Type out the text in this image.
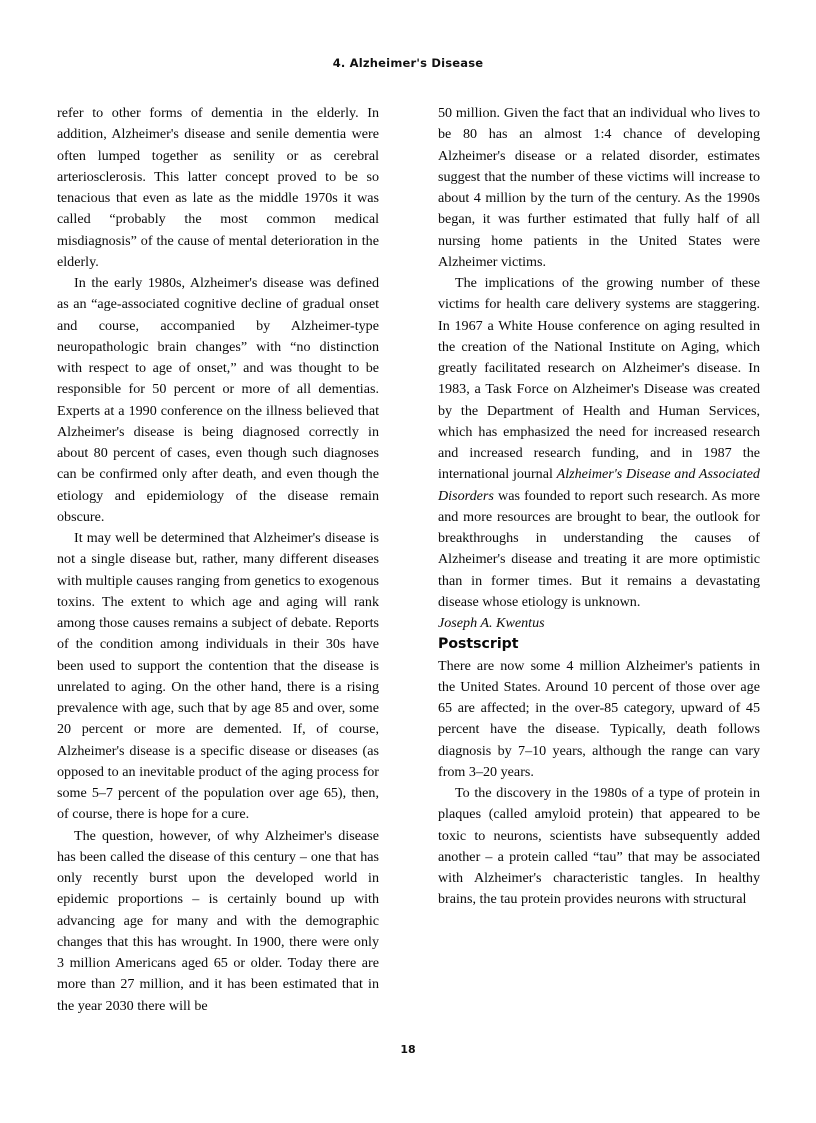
4. Alzheimer's Disease

refer to other forms of dementia in the elderly. In addition, Alzheimer's disease and senile dementia were often lumped together as senility or as cerebral arteriosclerosis. This latter concept proved to be so tenacious that even as late as the middle 1970s it was called “probably the most common medical misdiagnosis” of the cause of mental deterioration in the elderly.

In the early 1980s, Alzheimer's disease was defined as an “age-associated cognitive decline of gradual onset and course, accompanied by Alzheimer-type neuropathologic brain changes” with “no distinction with respect to age of onset,” and was thought to be responsible for 50 percent or more of all dementias. Experts at a 1990 conference on the illness believed that Alzheimer's disease is being diagnosed correctly in about 80 percent of cases, even though such diagnoses can be confirmed only after death, and even though the etiology and epidemiology of the disease remain obscure.

It may well be determined that Alzheimer's disease is not a single disease but, rather, many different diseases with multiple causes ranging from genetics to exogenous toxins. The extent to which age and aging will rank among those causes remains a subject of debate. Reports of the condition among individuals in their 30s have been used to support the contention that the disease is unrelated to aging. On the other hand, there is a rising prevalence with age, such that by age 85 and over, some 20 percent or more are demented. If, of course, Alzheimer's disease is a specific disease or diseases (as opposed to an inevitable product of the aging process for some 5–7 percent of the population over age 65), then, of course, there is hope for a cure.

The question, however, of why Alzheimer's disease has been called the disease of this century – one that has only recently burst upon the developed world in epidemic proportions – is certainly bound up with advancing age for many and with the demographic changes that this has wrought. In 1900, there were only 3 million Americans aged 65 or older. Today there are more than 27 million, and it has been estimated that in the year 2030 there will be

50 million. Given the fact that an individual who lives to be 80 has an almost 1:4 chance of developing Alzheimer's disease or a related disorder, estimates suggest that the number of these victims will increase to about 4 million by the turn of the century. As the 1990s began, it was further estimated that fully half of all nursing home patients in the United States were Alzheimer victims.

The implications of the growing number of these victims for health care delivery systems are staggering. In 1967 a White House conference on aging resulted in the creation of the National Institute on Aging, which greatly facilitated research on Alzheimer's disease. In 1983, a Task Force on Alzheimer's Disease was created by the Department of Health and Human Services, which has emphasized the need for increased research and increased research funding, and in 1987 the international journal Alzheimer's Disease and Associated Disorders was founded to report such research. As more and more resources are brought to bear, the outlook for breakthroughs in understanding the causes of Alzheimer's disease and treating it are more optimistic than in former times. But it remains a devastating disease whose etiology is unknown.

Joseph A. Kwentus

Postscript

There are now some 4 million Alzheimer's patients in the United States. Around 10 percent of those over age 65 are affected; in the over-85 category, upward of 45 percent have the disease. Typically, death follows diagnosis by 7–10 years, although the range can vary from 3–20 years.

To the discovery in the 1980s of a type of protein in plaques (called amyloid protein) that appeared to be toxic to neurons, scientists have subsequently added another – a protein called “tau” that may be associated with Alzheimer's characteristic tangles. In healthy brains, the tau protein provides neurons with structural

18
